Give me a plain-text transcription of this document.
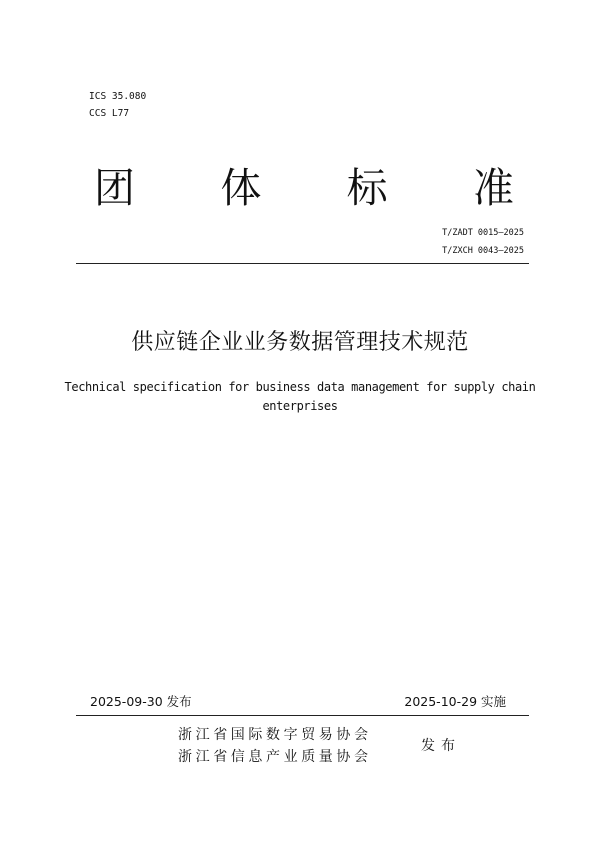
ICS 35.080
CCS L77
团 体 标 准
T/ZADT 0015—2025
T/ZXCH 0043—2025
供应链企业业务数据管理技术规范
Technical specification for business data management for supply chain
enterprises
2025-09-30 发布	2025-10-29 实施
浙江省国际数字贸易协会
浙江省信息产业质量协会
发布
